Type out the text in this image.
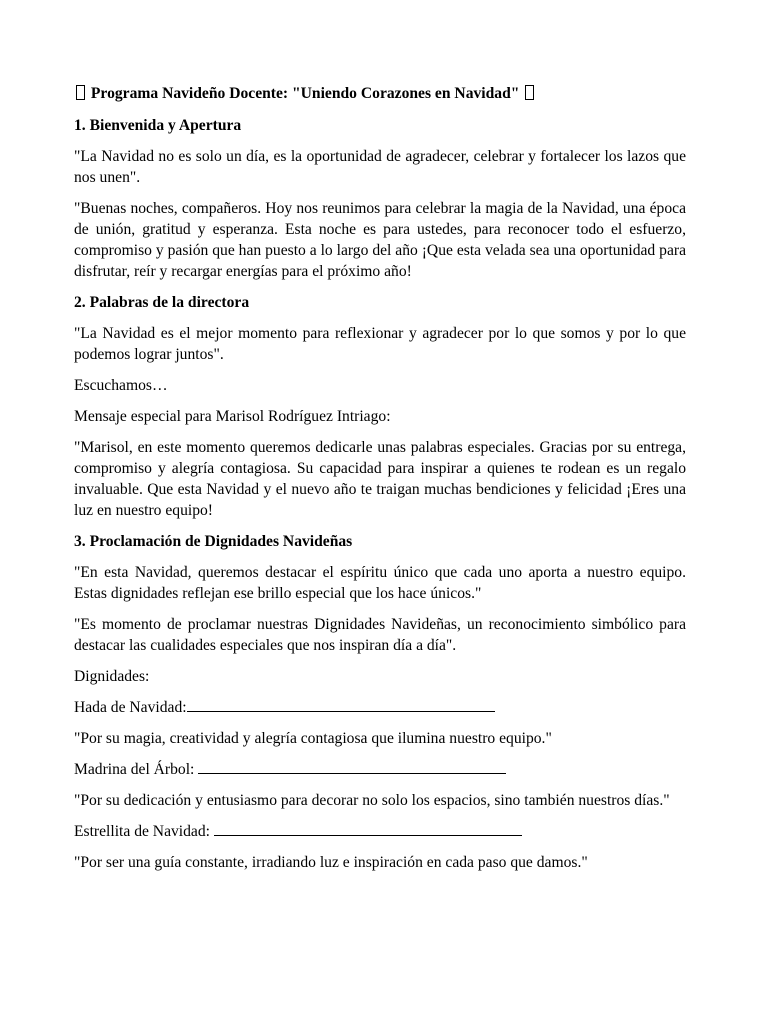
Programa Navideño Docente: "Uniendo Corazones en Navidad"

1. Bienvenida y Apertura

"La Navidad no es solo un día, es la oportunidad de agradecer, celebrar y fortalecer los lazos que nos unen".

"Buenas noches, compañeros. Hoy nos reunimos para celebrar la magia de la Navidad, una época de unión, gratitud y esperanza. Esta noche es para ustedes, para reconocer todo el esfuerzo, compromiso y pasión que han puesto a lo largo del año ¡Que esta velada sea una oportunidad para disfrutar, reír y recargar energías para el próximo año!

2. Palabras de la directora

"La Navidad es el mejor momento para reflexionar y agradecer por lo que somos y por lo que podemos lograr juntos".

Escuchamos…

Mensaje especial para Marisol Rodríguez Intriago:

"Marisol, en este momento queremos dedicarle unas palabras especiales. Gracias por su entrega, compromiso y alegría contagiosa. Su capacidad para inspirar a quienes te rodean es un regalo invaluable. Que esta Navidad y el nuevo año te traigan muchas bendiciones y felicidad ¡Eres una luz en nuestro equipo!

3. Proclamación de Dignidades Navideñas

"En esta Navidad, queremos destacar el espíritu único que cada uno aporta a nuestro equipo. Estas dignidades reflejan ese brillo especial que los hace únicos."

"Es momento de proclamar nuestras Dignidades Navideñas, un reconocimiento simbólico para destacar las cualidades especiales que nos inspiran día a día".

Dignidades:

Hada de Navidad:

"Por su magia, creatividad y alegría contagiosa que ilumina nuestro equipo."

Madrina del Árbol:

"Por su dedicación y entusiasmo para decorar no solo los espacios, sino también nuestros días."

Estrellita de Navidad:

"Por ser una guía constante, irradiando luz e inspiración en cada paso que damos."
